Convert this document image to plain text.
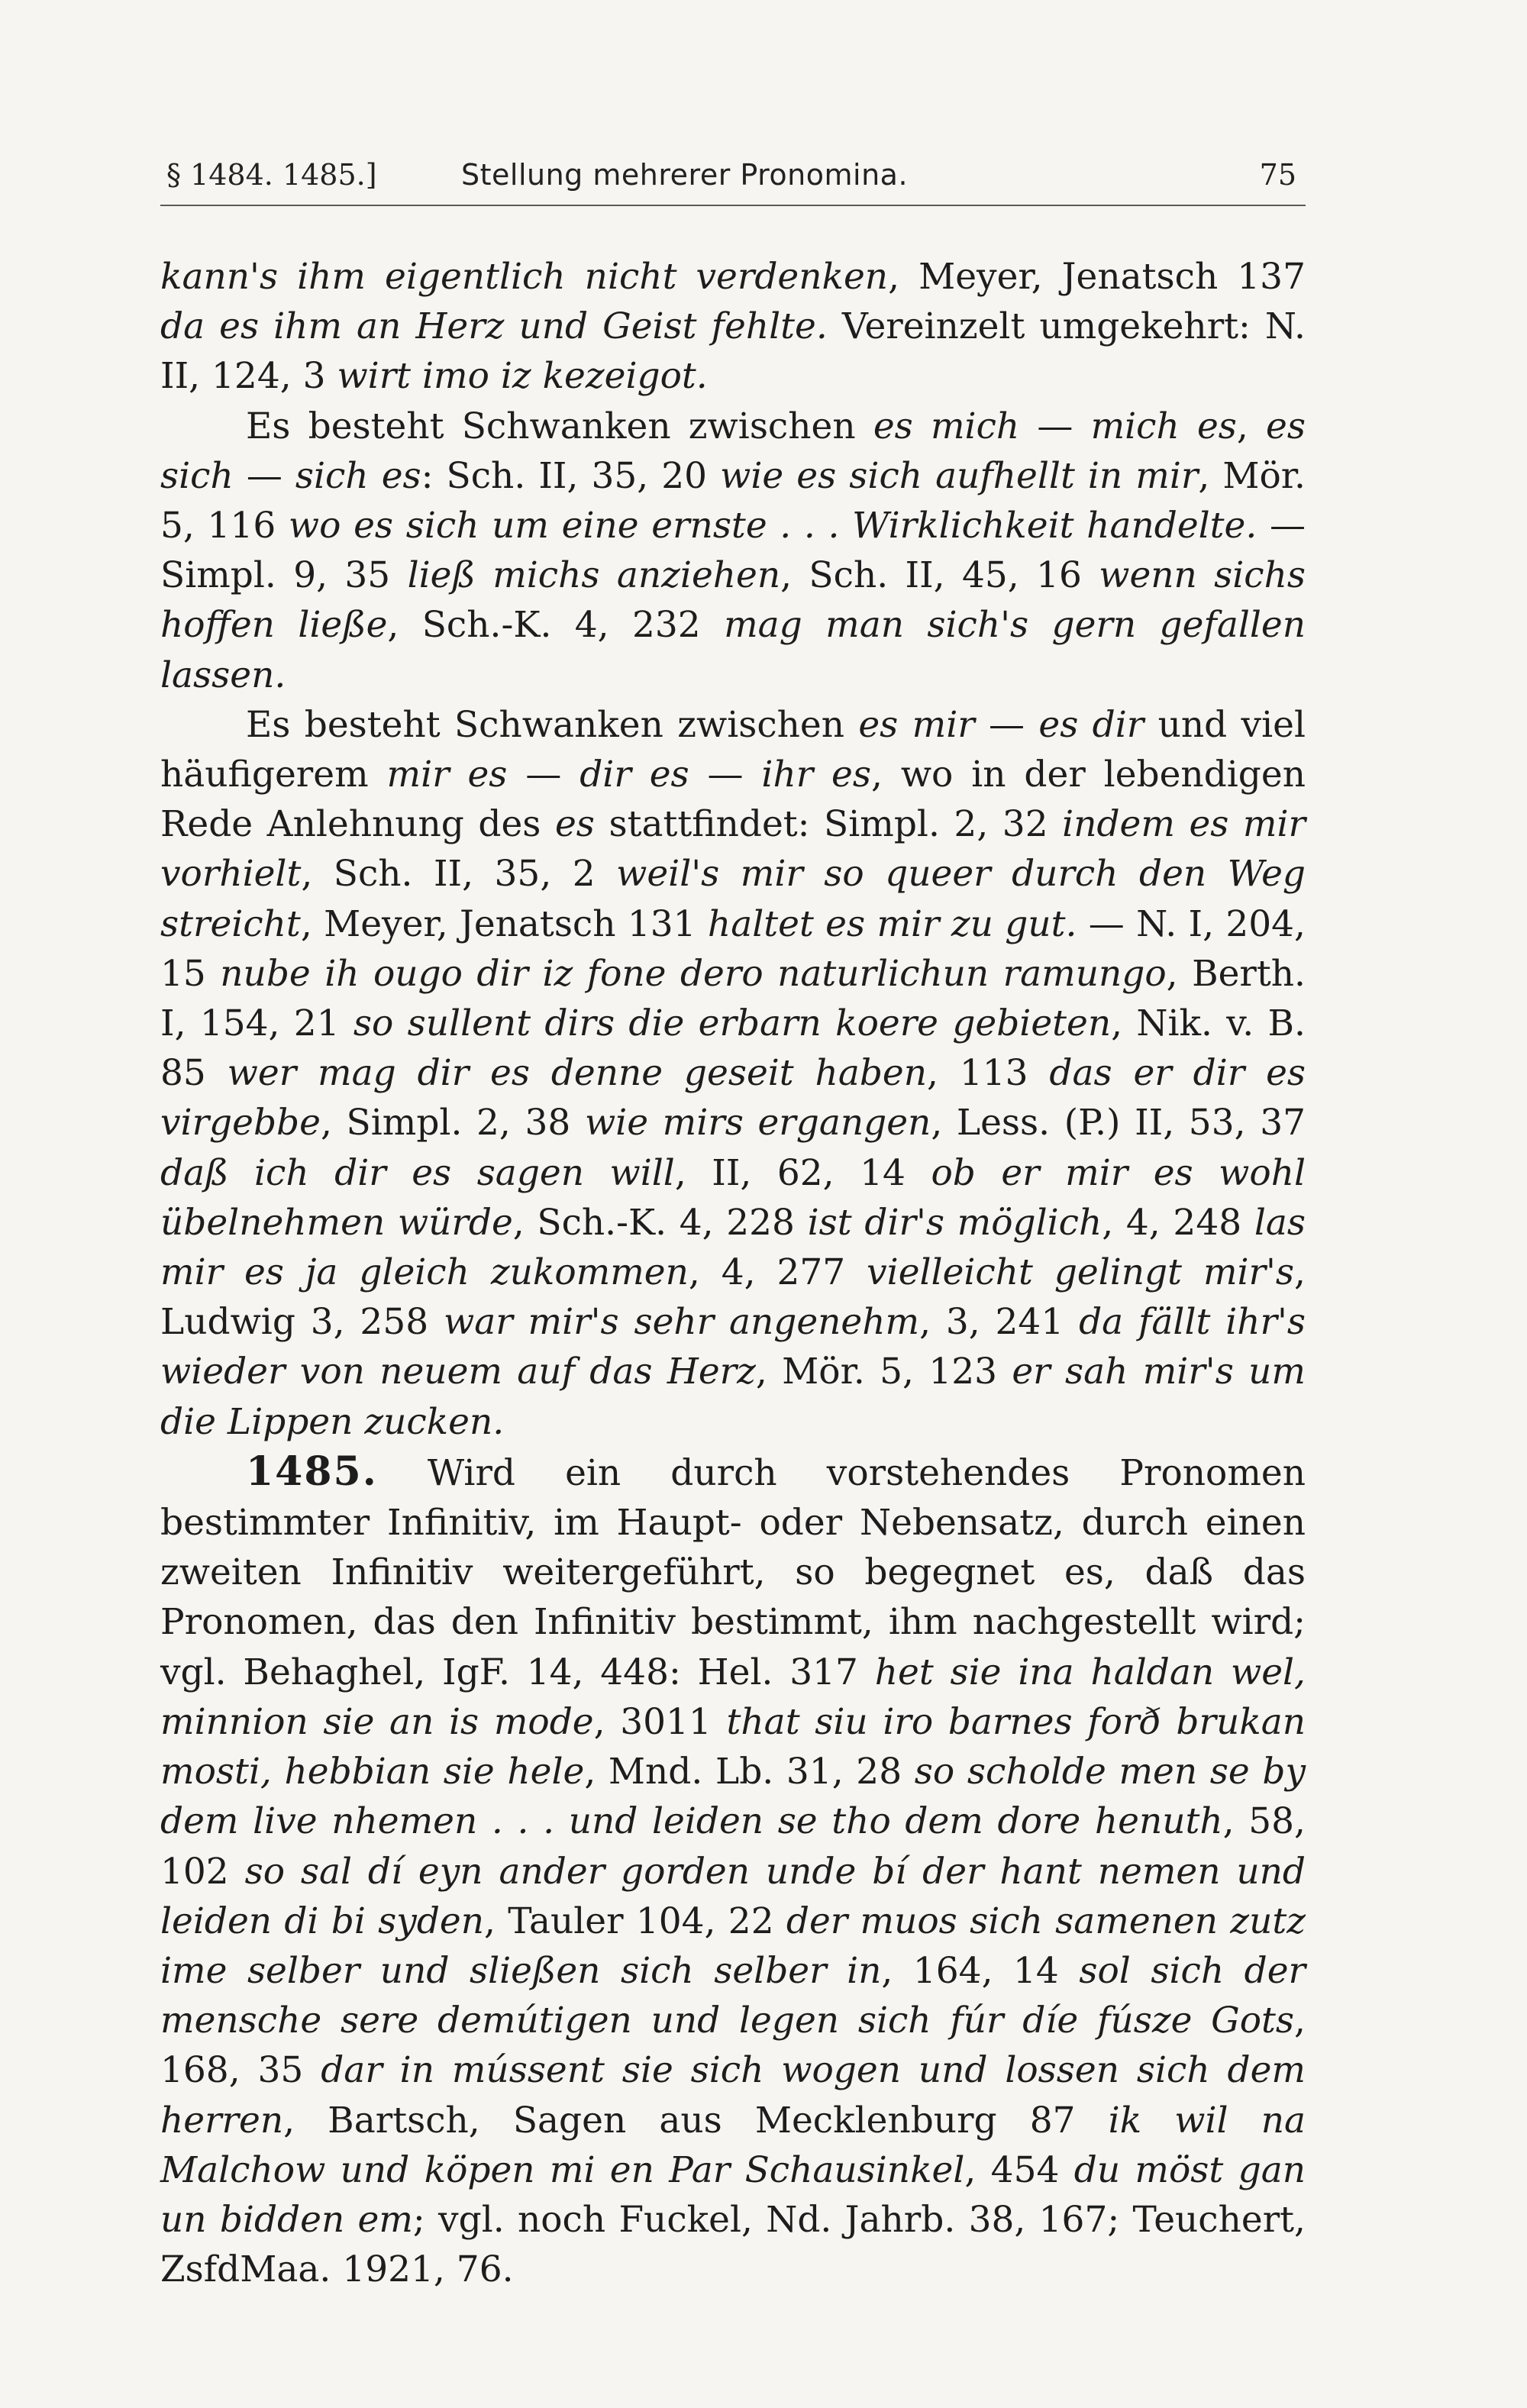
§ 1484. 1485.]	Stellung mehrerer Pronomina.	75

kann's ihm eigentlich nicht verdenken, Meyer, Jenatsch 137 da es ihm an Herz und Geist fehlte. Vereinzelt umgekehrt: N. II, 124, 3 wirt imo iz kezeigot.

Es besteht Schwanken zwischen es mich — mich es, es sich — sich es: Sch. II, 35, 20 wie es sich aufhellt in mir, Mör. 5, 116 wo es sich um eine ernste . . . Wirklichkeit handelte. — Simpl. 9, 35 ließ michs anziehen, Sch. II, 45, 16 wenn sichs hoffen ließe, Sch.-K. 4, 232 mag man sich's gern gefallen lassen.

Es besteht Schwanken zwischen es mir — es dir und viel häufigerem mir es — dir es — ihr es, wo in der lebendigen Rede Anlehnung des es stattfindet: Simpl. 2, 32 indem es mir vorhielt, Sch. II, 35, 2 weil's mir so queer durch den Weg streicht, Meyer, Jenatsch 131 haltet es mir zu gut. — N. I, 204, 15 nube ih ougo dir iz fone dero naturlichun ramungo, Berth. I, 154, 21 so sullent dirs die erbarn koere gebieten, Nik. v. B. 85 wer mag dir es denne geseit haben, 113 das er dir es virgebbe, Simpl. 2, 38 wie mirs ergangen, Less. (P.) II, 53, 37 daß ich dir es sagen will, II, 62, 14 ob er mir es wohl übelnehmen würde, Sch.-K. 4, 228 ist dir's möglich, 4, 248 las mir es ja gleich zukommen, 4, 277 vielleicht gelingt mir's, Ludwig 3, 258 war mir's sehr angenehm, 3, 241 da fällt ihr's wieder von neuem auf das Herz, Mör. 5, 123 er sah mir's um die Lippen zucken.

1485. Wird ein durch vorstehendes Pronomen bestimmter Infinitiv, im Haupt- oder Nebensatz, durch einen zweiten Infinitiv weitergeführt, so begegnet es, daß das Pronomen, das den Infinitiv bestimmt, ihm nachgestellt wird; vgl. Behaghel, IgF. 14, 448: Hel. 317 het sie ina haldan wel, minnion sie an is mode, 3011 that siu iro barnes forð brukan mosti, hebbian sie hele, Mnd. Lb. 31, 28 so scholde men se by dem live nhemen . . . und leiden se tho dem dore henuth, 58, 102 so sal dí eyn ander gorden unde bí der hant nemen und leiden di bi syden, Tauler 104, 22 der muos sich samenen zutz ime selber und sließen sich selber in, 164, 14 sol sich der mensche sere demútigen und legen sich fúr díe fúsze Gots, 168, 35 dar in mússent sie sich wogen und lossen sich dem herren, Bartsch, Sagen aus Mecklenburg 87 ik wil na Malchow und köpen mi en Par Schausinkel, 454 du möst gan un bidden em; vgl. noch Fuckel, Nd. Jahrb. 38, 167; Teuchert, ZsfdMaa. 1921, 76.
